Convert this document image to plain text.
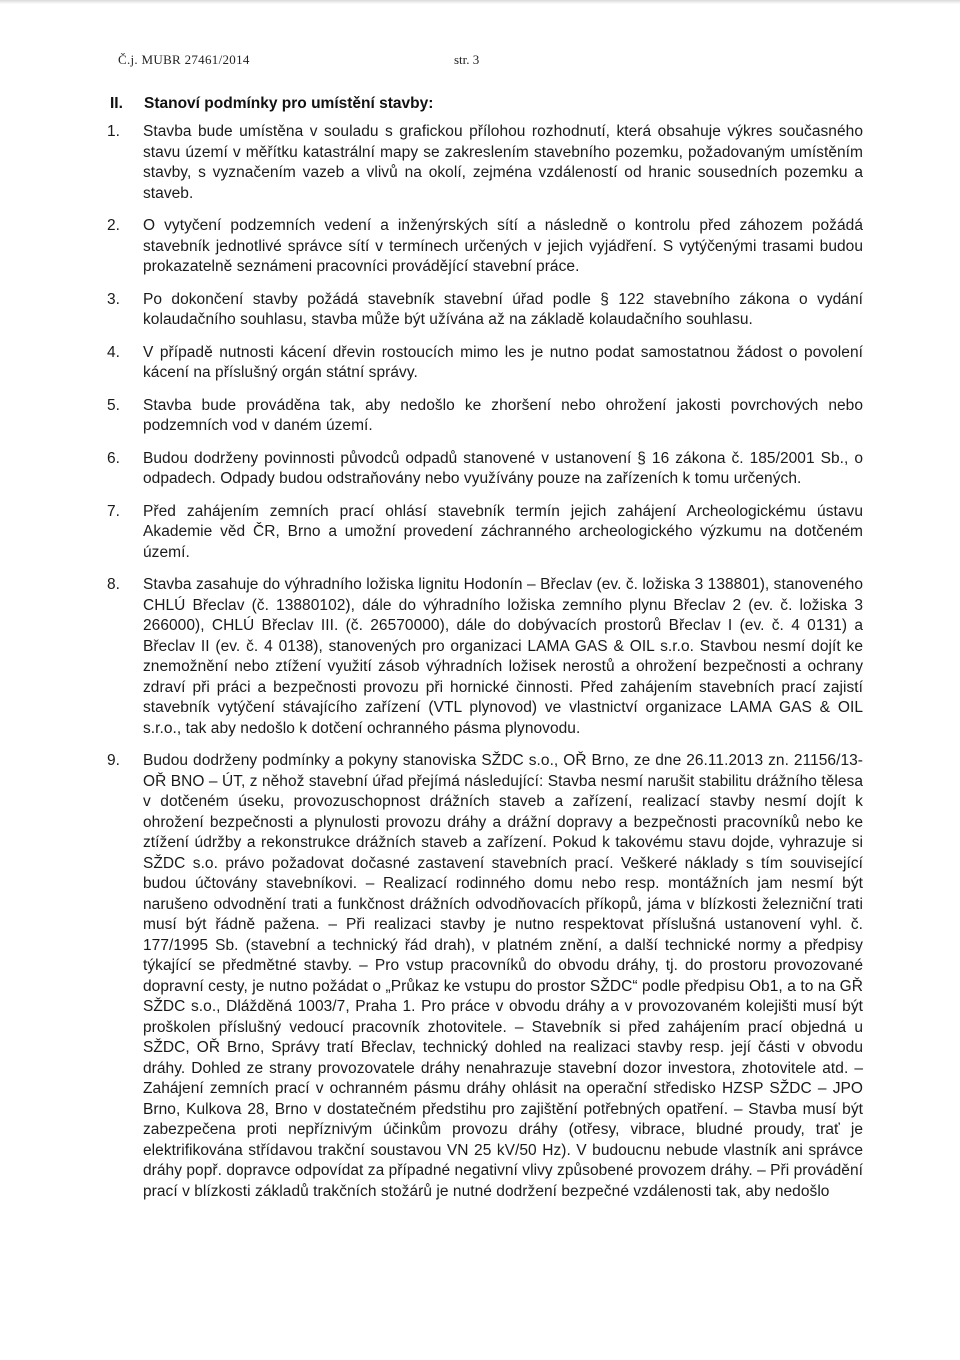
Č.j. MUBR 27461/2014	str. 3
II. Stanoví podmínky pro umístění stavby:
1.	Stavba bude umístěna v souladu s grafickou přílohou rozhodnutí, která obsahuje výkres současného stavu území v měřítku katastrální mapy se zakreslením stavebního pozemku, požadovaným umístěním stavby, s vyznačením vazeb a vlivů na okolí, zejména vzdáleností od hranic sousedních pozemku a staveb.
2.	O vytyčení podzemních vedení a inženýrských sítí a následně o kontrolu před záhozem požádá stavebník jednotlivé správce sítí v termínech určených v jejich vyjádření. S vytýčenými trasami budou prokazatelně seznámeni pracovníci provádějící stavební práce.
3.	Po dokončení stavby požádá stavebník stavební úřad podle § 122 stavebního zákona o vydání kolaudačního souhlasu, stavba může být užívána až na základě kolaudačního souhlasu.
4.	V případě nutnosti kácení dřevin rostoucích mimo les je nutno podat samostatnou žádost o povolení kácení na příslušný orgán státní správy.
5.	Stavba bude prováděna tak, aby nedošlo ke zhoršení nebo ohrožení jakosti povrchových nebo podzemních vod v daném území.
6.	Budou dodrženy povinnosti původců odpadů stanovené v ustanovení § 16 zákona č. 185/2001 Sb., o odpadech. Odpady budou odstraňovány nebo využívány pouze na zařízeních k tomu určených.
7.	Před zahájením zemních prací ohlásí stavebník termín jejich zahájení Archeologickému ústavu Akademie věd ČR, Brno a umožní provedení záchranného archeologického výzkumu na dotčeném území.
8.	Stavba zasahuje do výhradního ložiska lignitu Hodonín – Břeclav (ev. č. ložiska 3 138801), stanoveného CHLÚ Břeclav (č. 13880102), dále do výhradního ložiska zemního plynu Břeclav 2 (ev. č. ložiska 3 266000), CHLÚ Břeclav III. (č. 26570000), dále do dobývacích prostorů Břeclav I (ev. č. 4 0131) a Břeclav II (ev. č. 4 0138), stanovených pro organizaci LAMA GAS & OIL s.r.o. Stavbou nesmí dojít ke znemožnění nebo ztížení využití zásob výhradních ložisek nerostů a ohrožení bezpečnosti a ochrany zdraví při práci a bezpečnosti provozu při hornické činnosti. Před zahájením stavebních prací zajistí stavebník vytýčení stávajícího zařízení (VTL plynovod) ve vlastnictví organizace LAMA GAS & OIL s.r.o., tak aby nedošlo k dotčení ochranného pásma plynovodu.
9.	Budou dodrženy podmínky a pokyny stanoviska SŽDC s.o., OŘ Brno, ze dne 26.11.2013 zn. 21156/13-OŘ BNO – ÚT, z něhož stavební úřad přejímá následující: Stavba nesmí narušit stabilitu drážního tělesa v dotčeném úseku, provozuschopnost drážních staveb a zařízení, realizací stavby nesmí dojít k ohrožení bezpečnosti a plynulosti provozu dráhy a drážní dopravy a bezpečnosti pracovníků nebo ke ztížení údržby a rekonstrukce drážních staveb a zařízení. Pokud k takovému stavu dojde, vyhrazuje si SŽDC s.o. právo požadovat dočasné zastavení stavebních prací. Veškeré náklady s tím související budou účtovány stavebníkovi. – Realizací rodinného domu nebo resp. montážních jam nesmí být narušeno odvodnění trati a funkčnost drážních odvodňovacích příkopů, jáma v blízkosti železniční trati musí být řádně pažena. – Při realizaci stavby je nutno respektovat příslušná ustanovení vyhl. č. 177/1995 Sb. (stavební a technický řád drah), v platném znění, a další technické normy a předpisy týkající se předmětné stavby. – Pro vstup pracovníků do obvodu dráhy, tj. do prostoru provozované dopravní cesty, je nutno požádat o „Průkaz ke vstupu do prostor SŽDC“ podle předpisu Ob1, a to na GŘ SŽDC s.o., Dlážděná 1003/7, Praha 1. Pro práce v obvodu dráhy a v provozovaném kolejišti musí být proškolen příslušný vedoucí pracovník zhotovitele. – Stavebník si před zahájením prací objedná u SŽDC, OŘ Brno, Správy tratí Břeclav, technický dohled na realizaci stavby resp. její části v obvodu dráhy. Dohled ze strany provozovatele dráhy nenahrazuje stavební dozor investora, zhotovitele atd. – Zahájení zemních prací v ochranném pásmu dráhy ohlásit na operační středisko HZSP SŽDC – JPO Brno, Kulkova 28, Brno v dostatečném předstihu pro zajištění potřebných opatření. – Stavba musí být zabezpečena proti nepříznivým účinkům provozu dráhy (otřesy, vibrace, bludné proudy, trať je elektrifikována střídavou trakční soustavou VN 25 kV/50 Hz). V budoucnu nebude vlastník ani správce dráhy popř. dopravce odpovídat za případné negativní vlivy způsobené provozem dráhy. – Při provádění prací v blízkosti základů trakčních stožárů je nutné dodržení bezpečné vzdálenosti tak, aby nedošlo
